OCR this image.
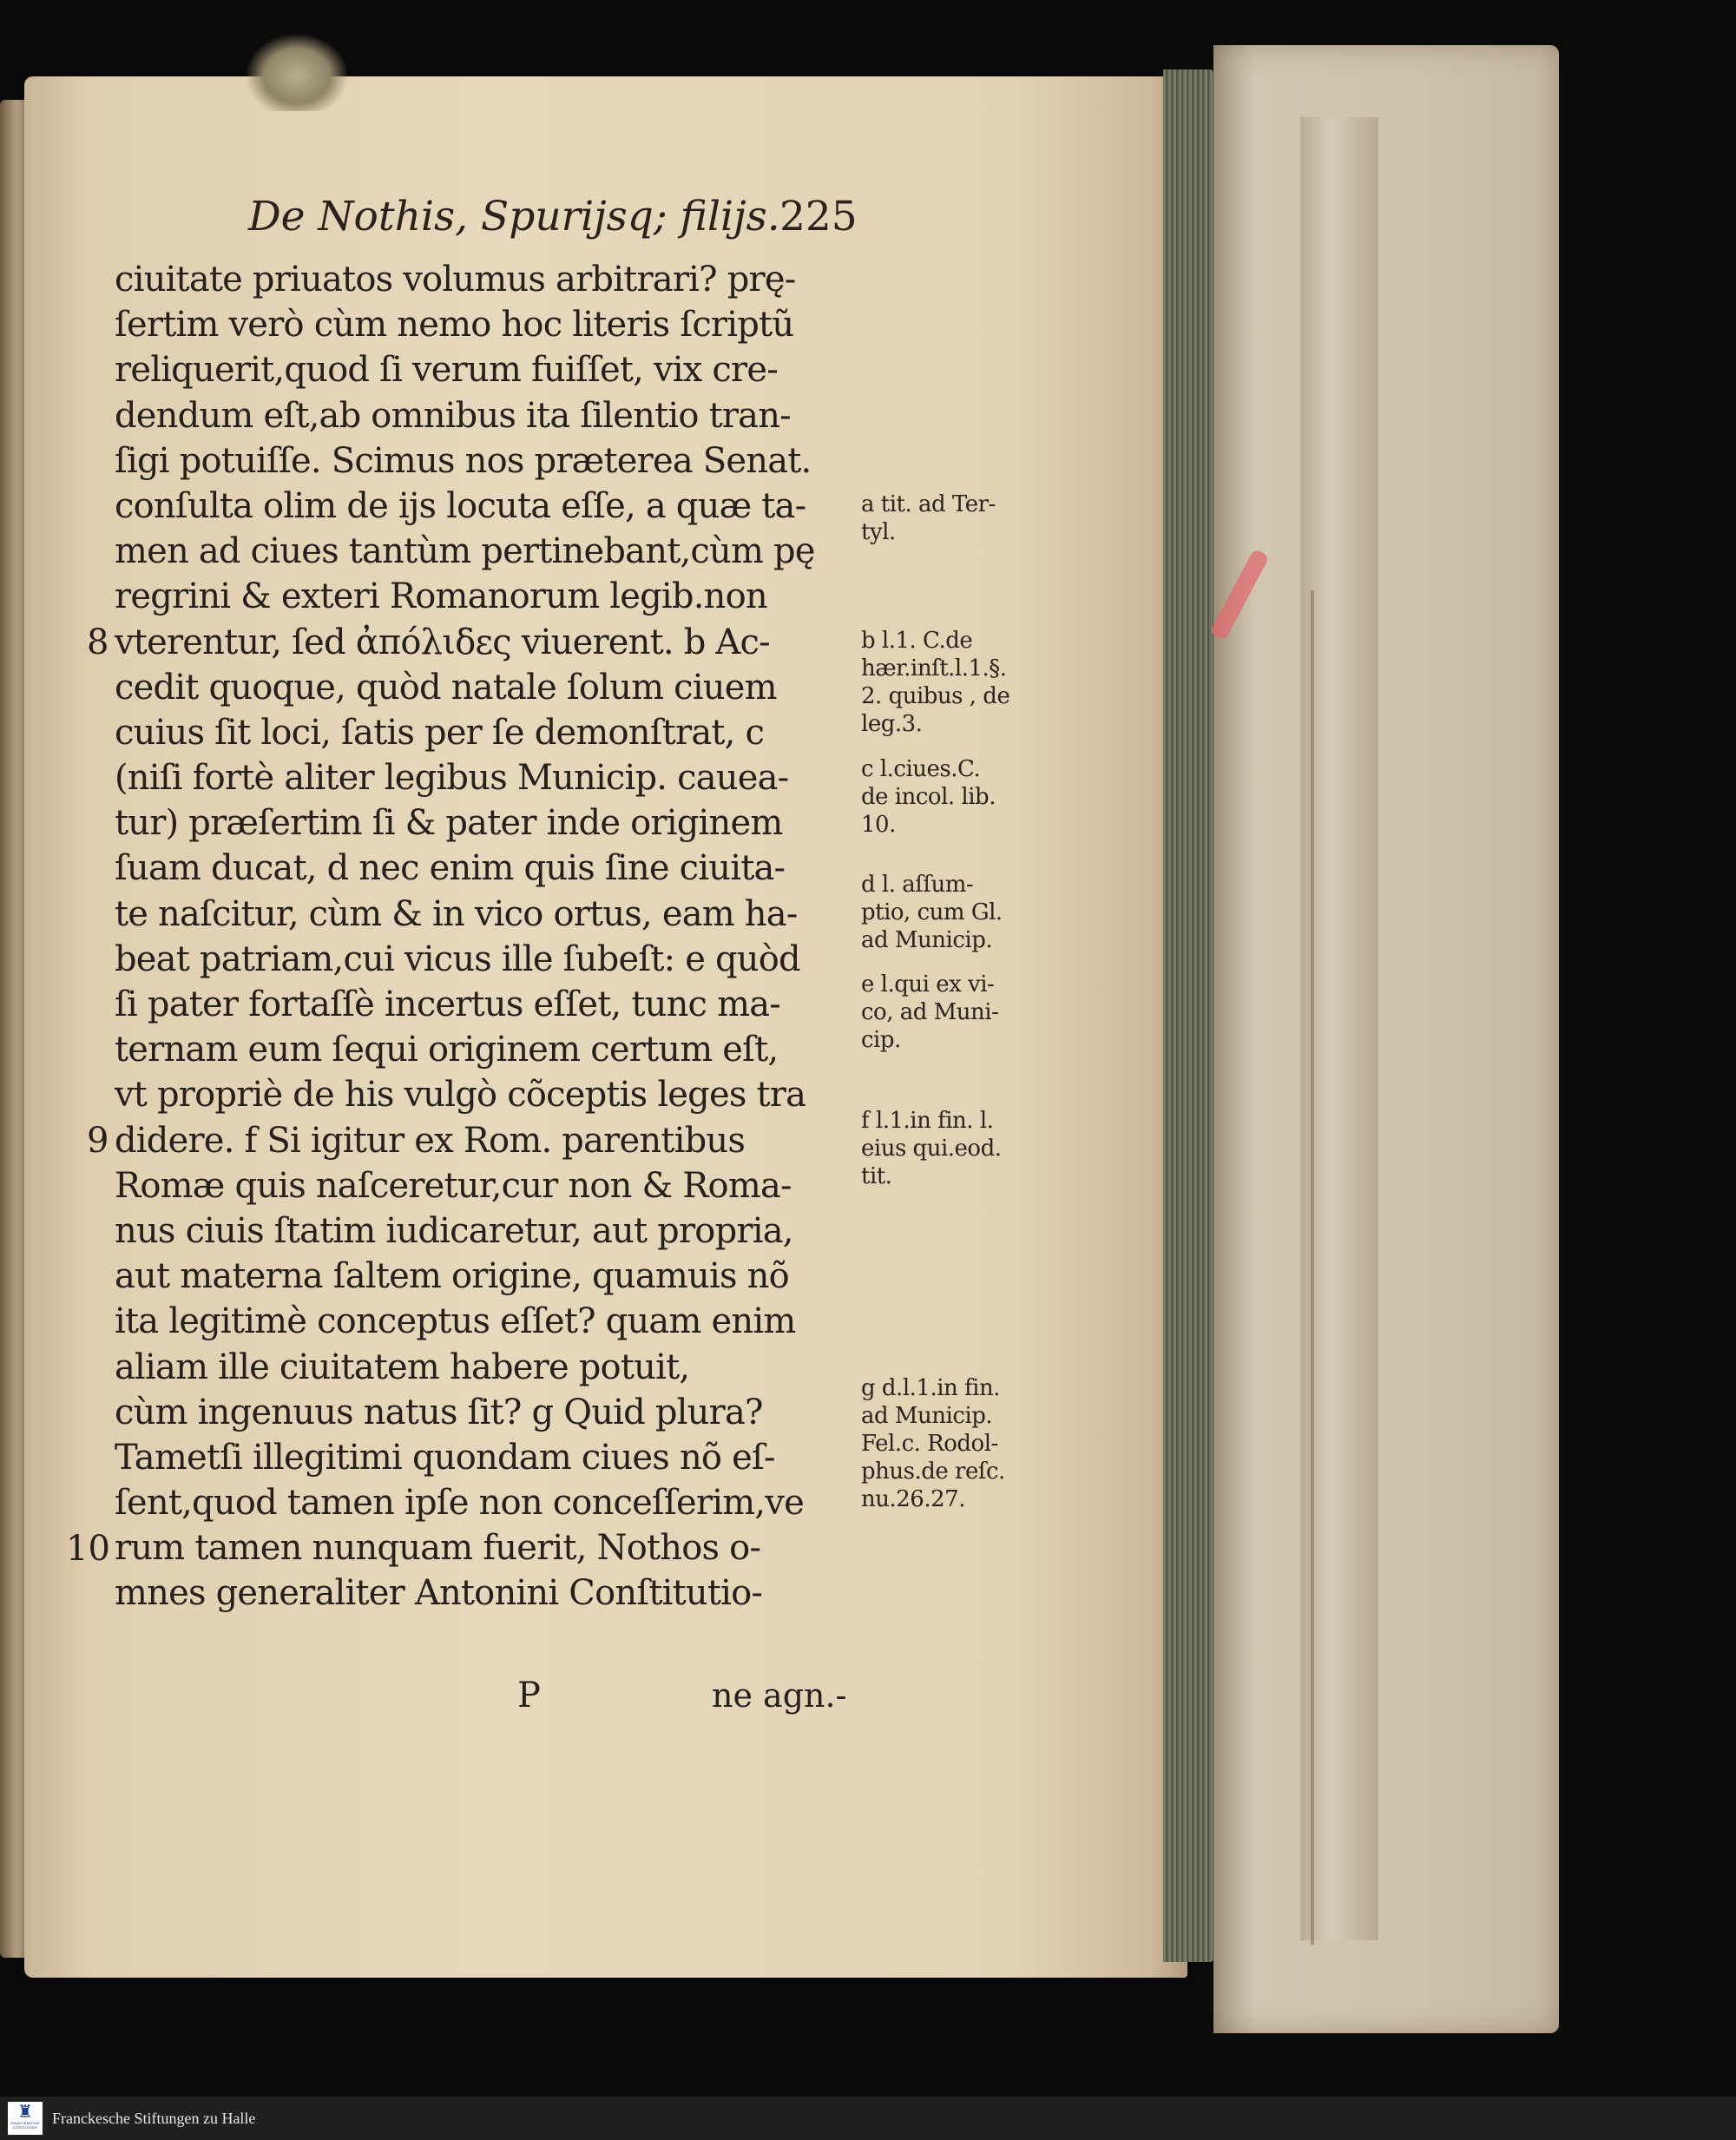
De Nothis, Spuriјsq; filijs. 225
ciuitate priuatos volumus arbitrari? prę-
ſertim verò cùm nemo hoc literis ſcriptũ
reliquerit,quod ſi verum fuiſſet, vix cre-
dendum eſt,ab omnibus ita ſilentio tran-
ſigi potuiſſe. Scimus nos præterea Senat.
conſulta olim de ijs locuta eſſe, a quæ ta-
men ad ciues tantùm pertinebant,cùm pę
regrini & exteri Romanorum legib.non
vterentur, ſed ἀπόλιδες viuerent. b Ac-
cedit quoque, quòd natale ſolum ciuem
cuius ſit loci, ſatis per ſe demonſtrat, c
(niſi fortè aliter legibus Municip. cauea-
tur) præſertim ſi & pater inde originem
ſuam ducat, d nec enim quis ſine ciuita-
te naſcitur, cùm & in vico ortus, eam ha-
beat patriam,cui vicus ille ſubeſt: e quòd
ſi pater fortaſſè incertus eſſet, tunc ma-
ternam eum ſequi originem certum eſt,
vt propriè de his vulgò cõceptis leges tra
didere. f Si igitur ex Rom. parentibus
Romæ quis naſceretur,cur non & Roma-
nus ciuis ſtatim iudicaretur, aut propria,
aut materna ſaltem origine, quamuis nõ
ita legitimè conceptus eſſet? quam enim
aliam ille ciuitatem habere potuit,
cùm ingenuus natus ſit? g Quid plura?
Tametſi illegitimi quondam ciues nõ eſ-
ſent,quod tamen ipſe non conceſſerim,ve
rum tamen nunquam fuerit, Nothos o-
mnes generaliter Antonini Conſtitutio-
8
9
10
a tit. ad Ter-
tyl.
b l.1. C.de
hær.inſt.l.1.§.
2. quibus , de
leg.3.
c l.ciues.C.
de incol. lib.
10.
d l. aſſum-
ptio, cum Gl.
ad Municip.
e l.qui ex vi-
co, ad Muni-
cip.
f l.1.in fin. l.
eius qui.eod.
tit.
g d.l.1.in fin.
ad Municip.
Fel.c. Rodol-
phus.de reſc.
nu.26.27.
P	ne agn.-
♜
FRANCKESCHE STIFTUNGEN
Franckesche Stiftungen zu Halle
